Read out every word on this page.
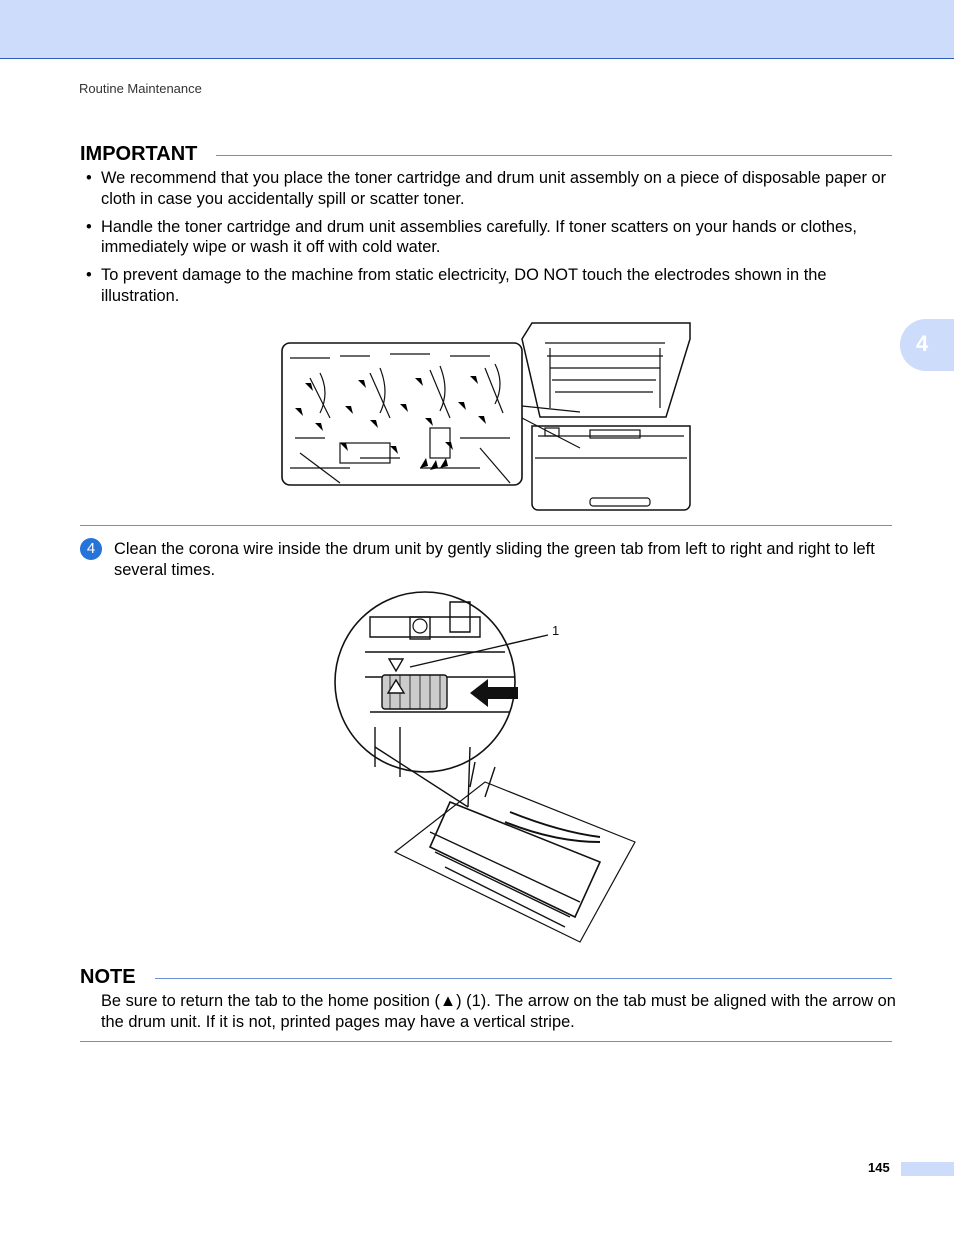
Routine Maintenance
4
IMPORTANT
• We recommend that you place the toner cartridge and drum unit assembly on a piece of disposable paper or cloth in case you accidentally spill or scatter toner.
• Handle the toner cartridge and drum unit assemblies carefully. If toner scatters on your hands or clothes, immediately wipe or wash it off with cold water.
• To prevent damage to the machine from static electricity, DO NOT touch the electrodes shown in the illustration.
4	Clean the corona wire inside the drum unit by gently sliding the green tab from left to right and right to left several times.
1
NOTE
Be sure to return the tab to the home position (▲) (1). The arrow on the tab must be aligned with the arrow on the drum unit. If it is not, printed pages may have a vertical stripe.
145
